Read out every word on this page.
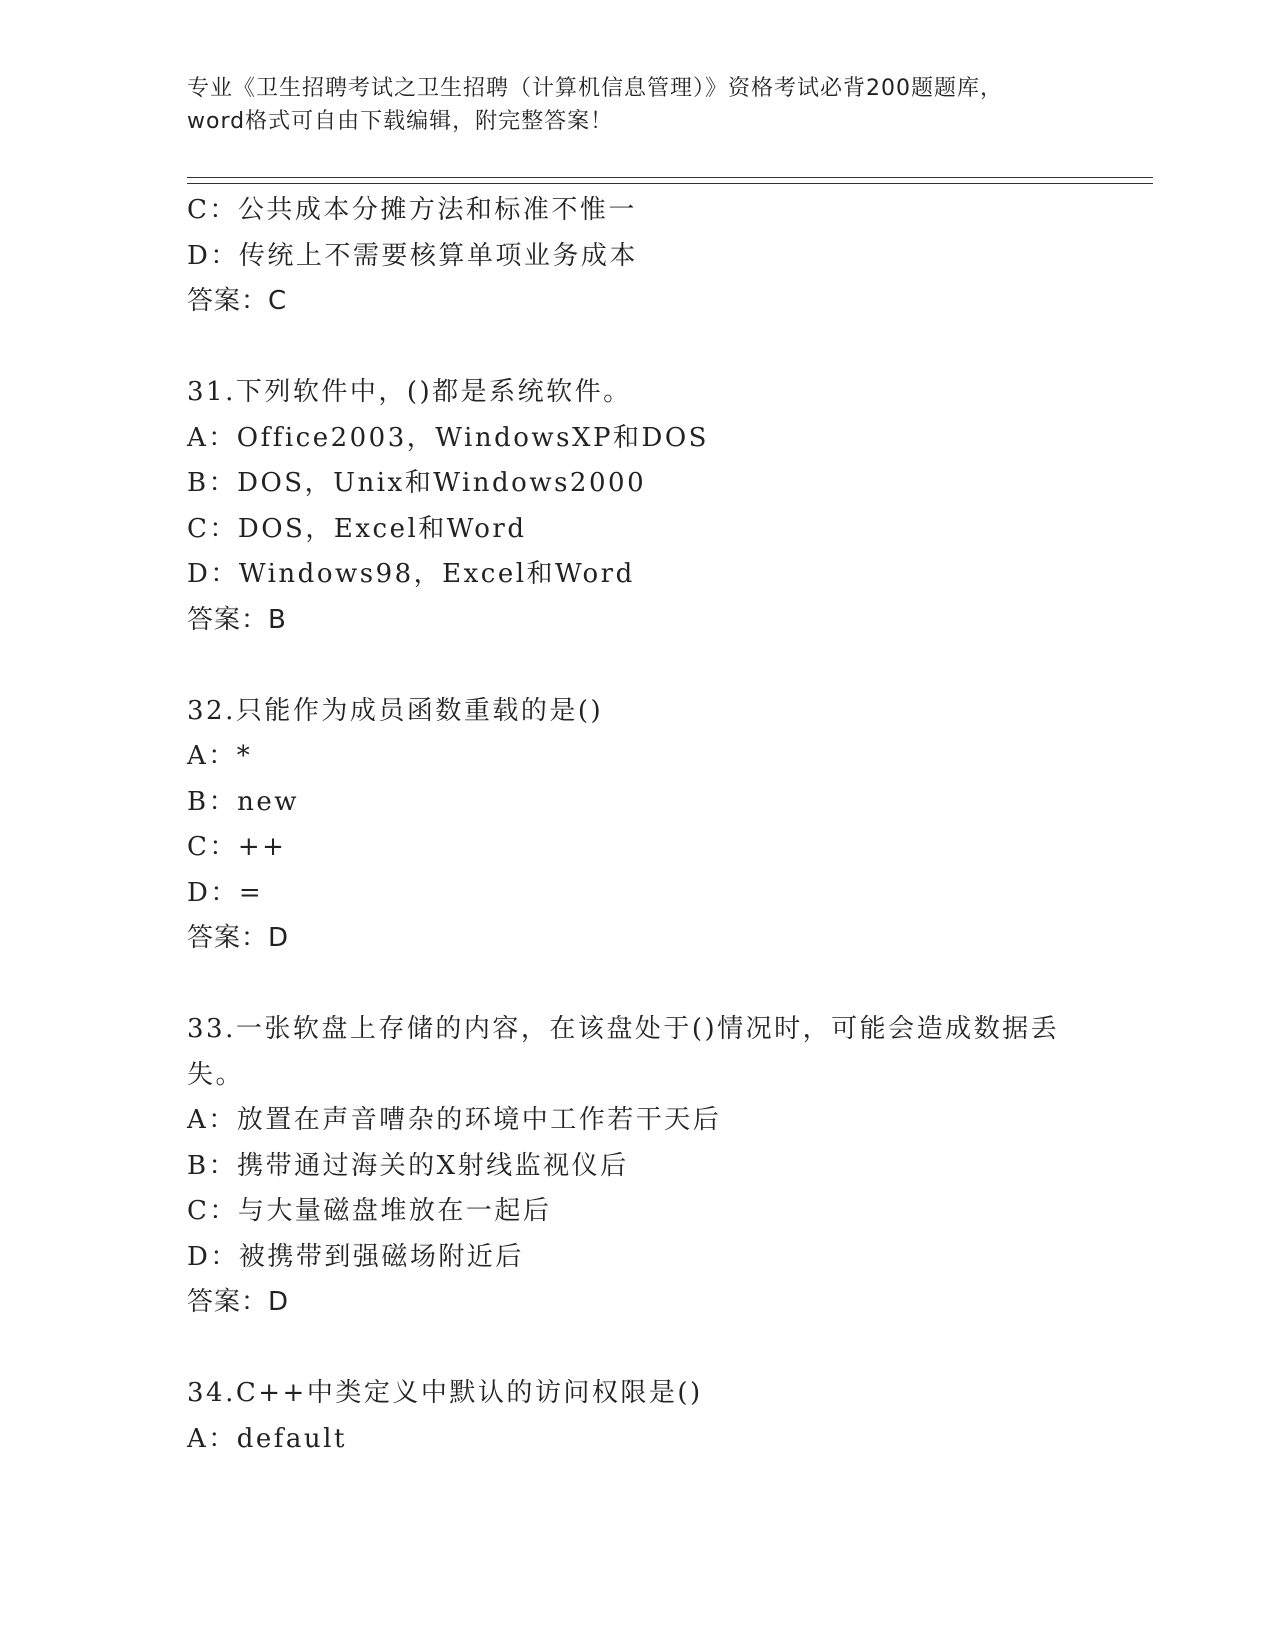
专业《卫生招聘考试之卫生招聘（计算机信息管理）》资格考试必背200题题库，
word格式可自由下载编辑，附完整答案！
C：公共成本分摊方法和标准不惟一
D：传统上不需要核算单项业务成本
答案：C
31.下列软件中，()都是系统软件。
A：Office2003，WindowsXP和DOS
B：DOS，Unix和Windows2000
C：DOS，Excel和Word
D：Windows98，Excel和Word
答案：B
32.只能作为成员函数重载的是()
A：*
B：new
C：++
D：=
答案：D
33.一张软盘上存储的内容，在该盘处于()情况时，可能会造成数据丢
失。
A：放置在声音嘈杂的环境中工作若干天后
B：携带通过海关的X射线监视仪后
C：与大量磁盘堆放在一起后
D：被携带到强磁场附近后
答案：D
34.C++中类定义中默认的访问权限是()
A：default
